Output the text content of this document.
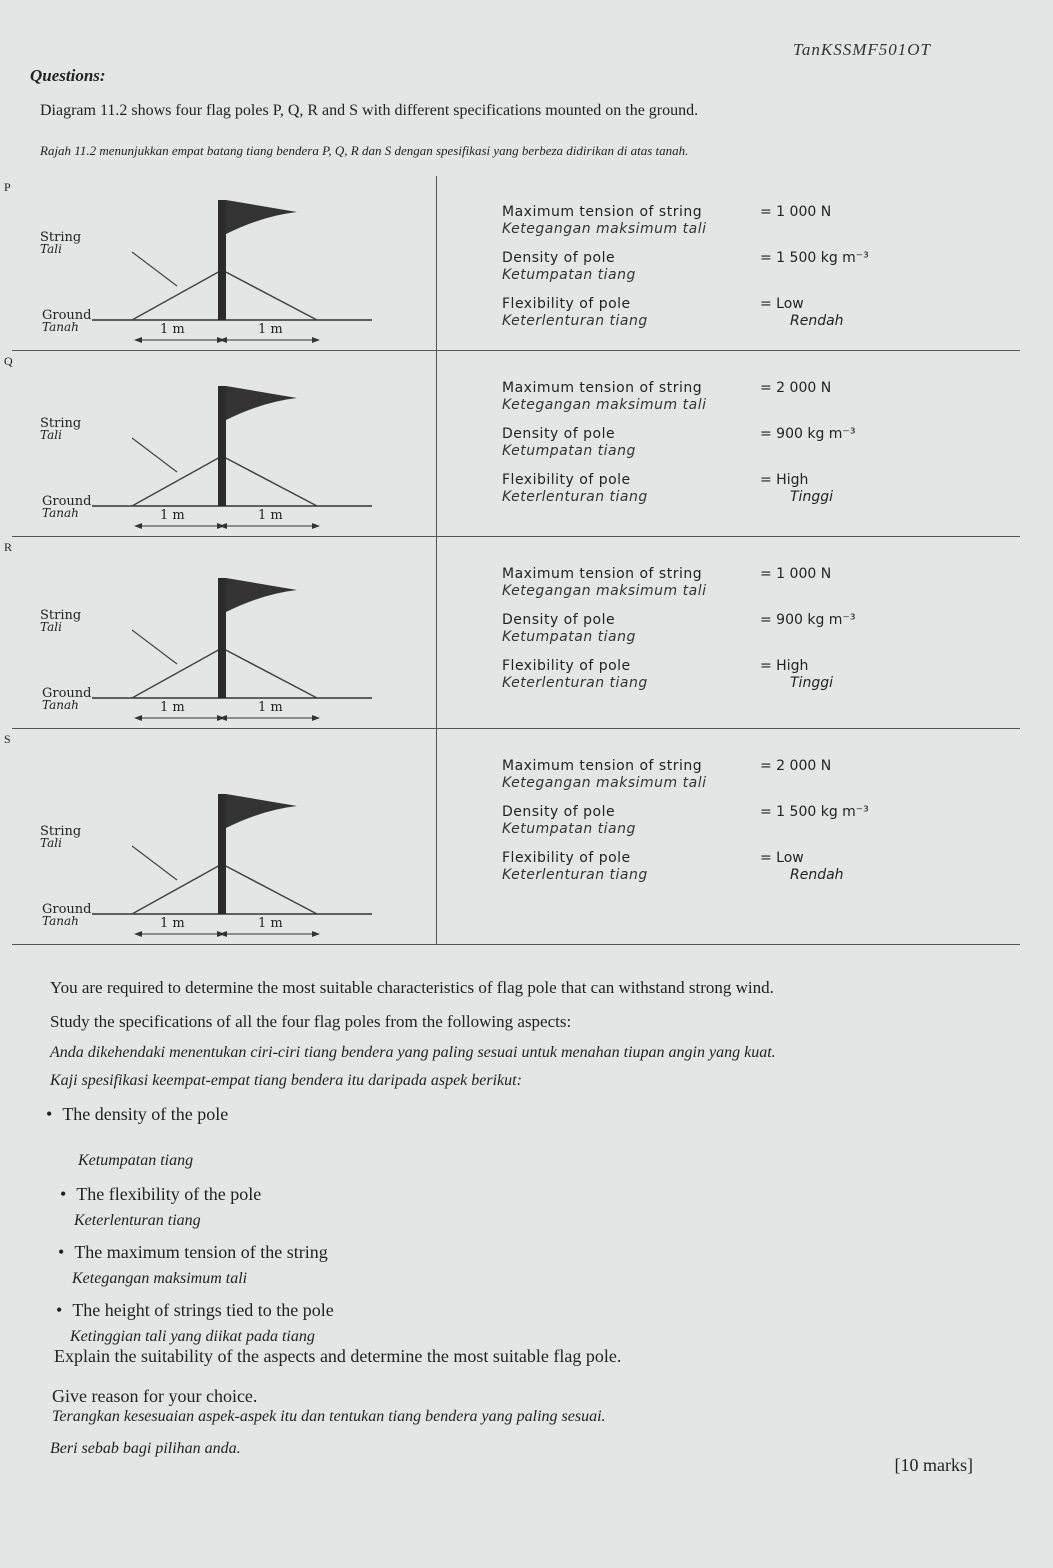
TanKSSMF501OT
Questions:
Diagram 11.2 shows four flag poles P, Q, R and S with different specifications mounted on the ground.
Rajah 11.2 menunjukkan empat batang tiang bendera P, Q, R dan S dengan spesifikasi yang berbeza didirikan di atas tanah.
P
String
Tali
Ground
Tanah	1 m	1 m
Maximum tension of string
Ketegangan maksimum tali
= 1 000 N
Density of pole
Ketumpatan tiang
= 1 500 kg m⁻³
Flexibility of pole
Keterlenturan tiang
= Low
Rendah
Q
String
Tali
Ground
Tanah	1 m	1 m
Maximum tension of string
Ketegangan maksimum tali
= 2 000 N
Density of pole
Ketumpatan tiang
= 900 kg m⁻³
Flexibility of pole
Keterlenturan tiang
= High
Tinggi
R
String
Tali
Ground
Tanah	1 m	1 m
Maximum tension of string
Ketegangan maksimum tali
= 1 000 N
Density of pole
Ketumpatan tiang
= 900 kg m⁻³
Flexibility of pole
Keterlenturan tiang
= High
Tinggi
S
String
Tali
Ground
Tanah	1 m	1 m
Maximum tension of string
Ketegangan maksimum tali
= 2 000 N
Density of pole
Ketumpatan tiang
= 1 500 kg m⁻³
Flexibility of pole
Keterlenturan tiang
= Low
Rendah
You are required to determine the most suitable characteristics of flag pole that can withstand strong wind.
Study the specifications of all the four flag poles from the following aspects:
Anda dikehendaki menentukan ciri-ciri tiang bendera yang paling sesuai untuk menahan tiupan angin yang kuat.
Kaji spesifikasi keempat-empat tiang bendera itu daripada aspek berikut:
• The density of the pole
Ketumpatan tiang
• The flexibility of the pole
Keterlenturan tiang
• The maximum tension of the string
Ketegangan maksimum tali
• The height of strings tied to the pole
Ketinggian tali yang diikat pada tiang
Explain the suitability of the aspects and determine the most suitable flag pole.
Give reason for your choice.
Terangkan kesesuaian aspek-aspek itu dan tentukan tiang bendera yang paling sesuai.
Beri sebab bagi pilihan anda.
[10 marks]
